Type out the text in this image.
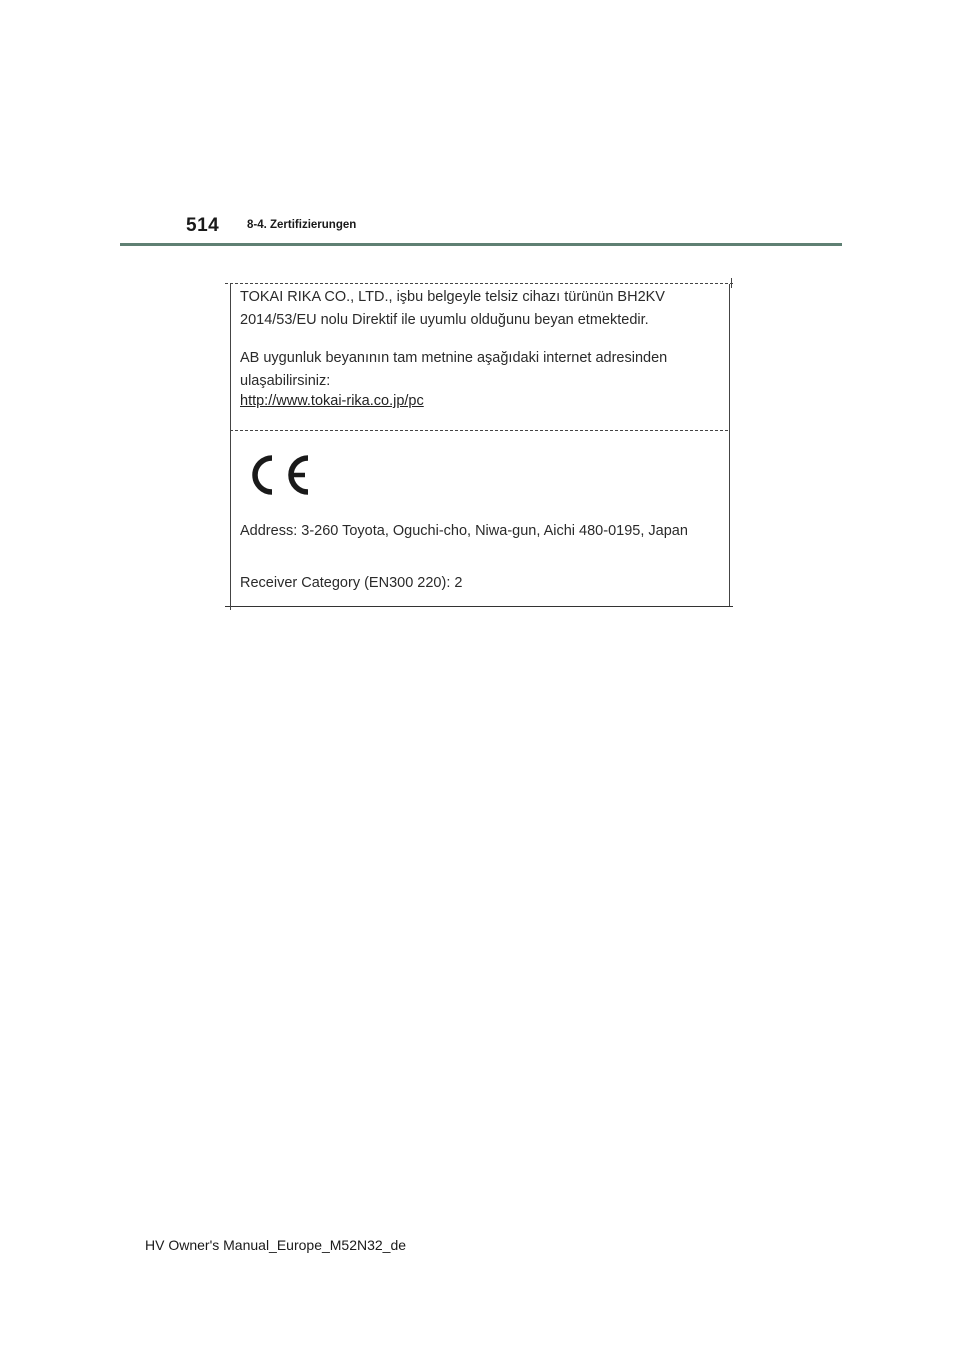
514 8-4. Zertifizierungen
TOKAI RIKA CO., LTD., işbu belgeyle telsiz cihazı türünün BH2KV
2014/53/EU nolu Direktif ile uyumlu olduğunu beyan etmektedir.
AB uygunluk beyanının tam metnine aşağıdaki internet adresinden
ulaşabilirsiniz:
http://www.tokai-rika.co.jp/pc
Address: 3-260 Toyota, Oguchi-cho, Niwa-gun, Aichi 480-0195, Japan
Receiver Category (EN300 220): 2
HV Owner's Manual_Europe_M52N32_de
